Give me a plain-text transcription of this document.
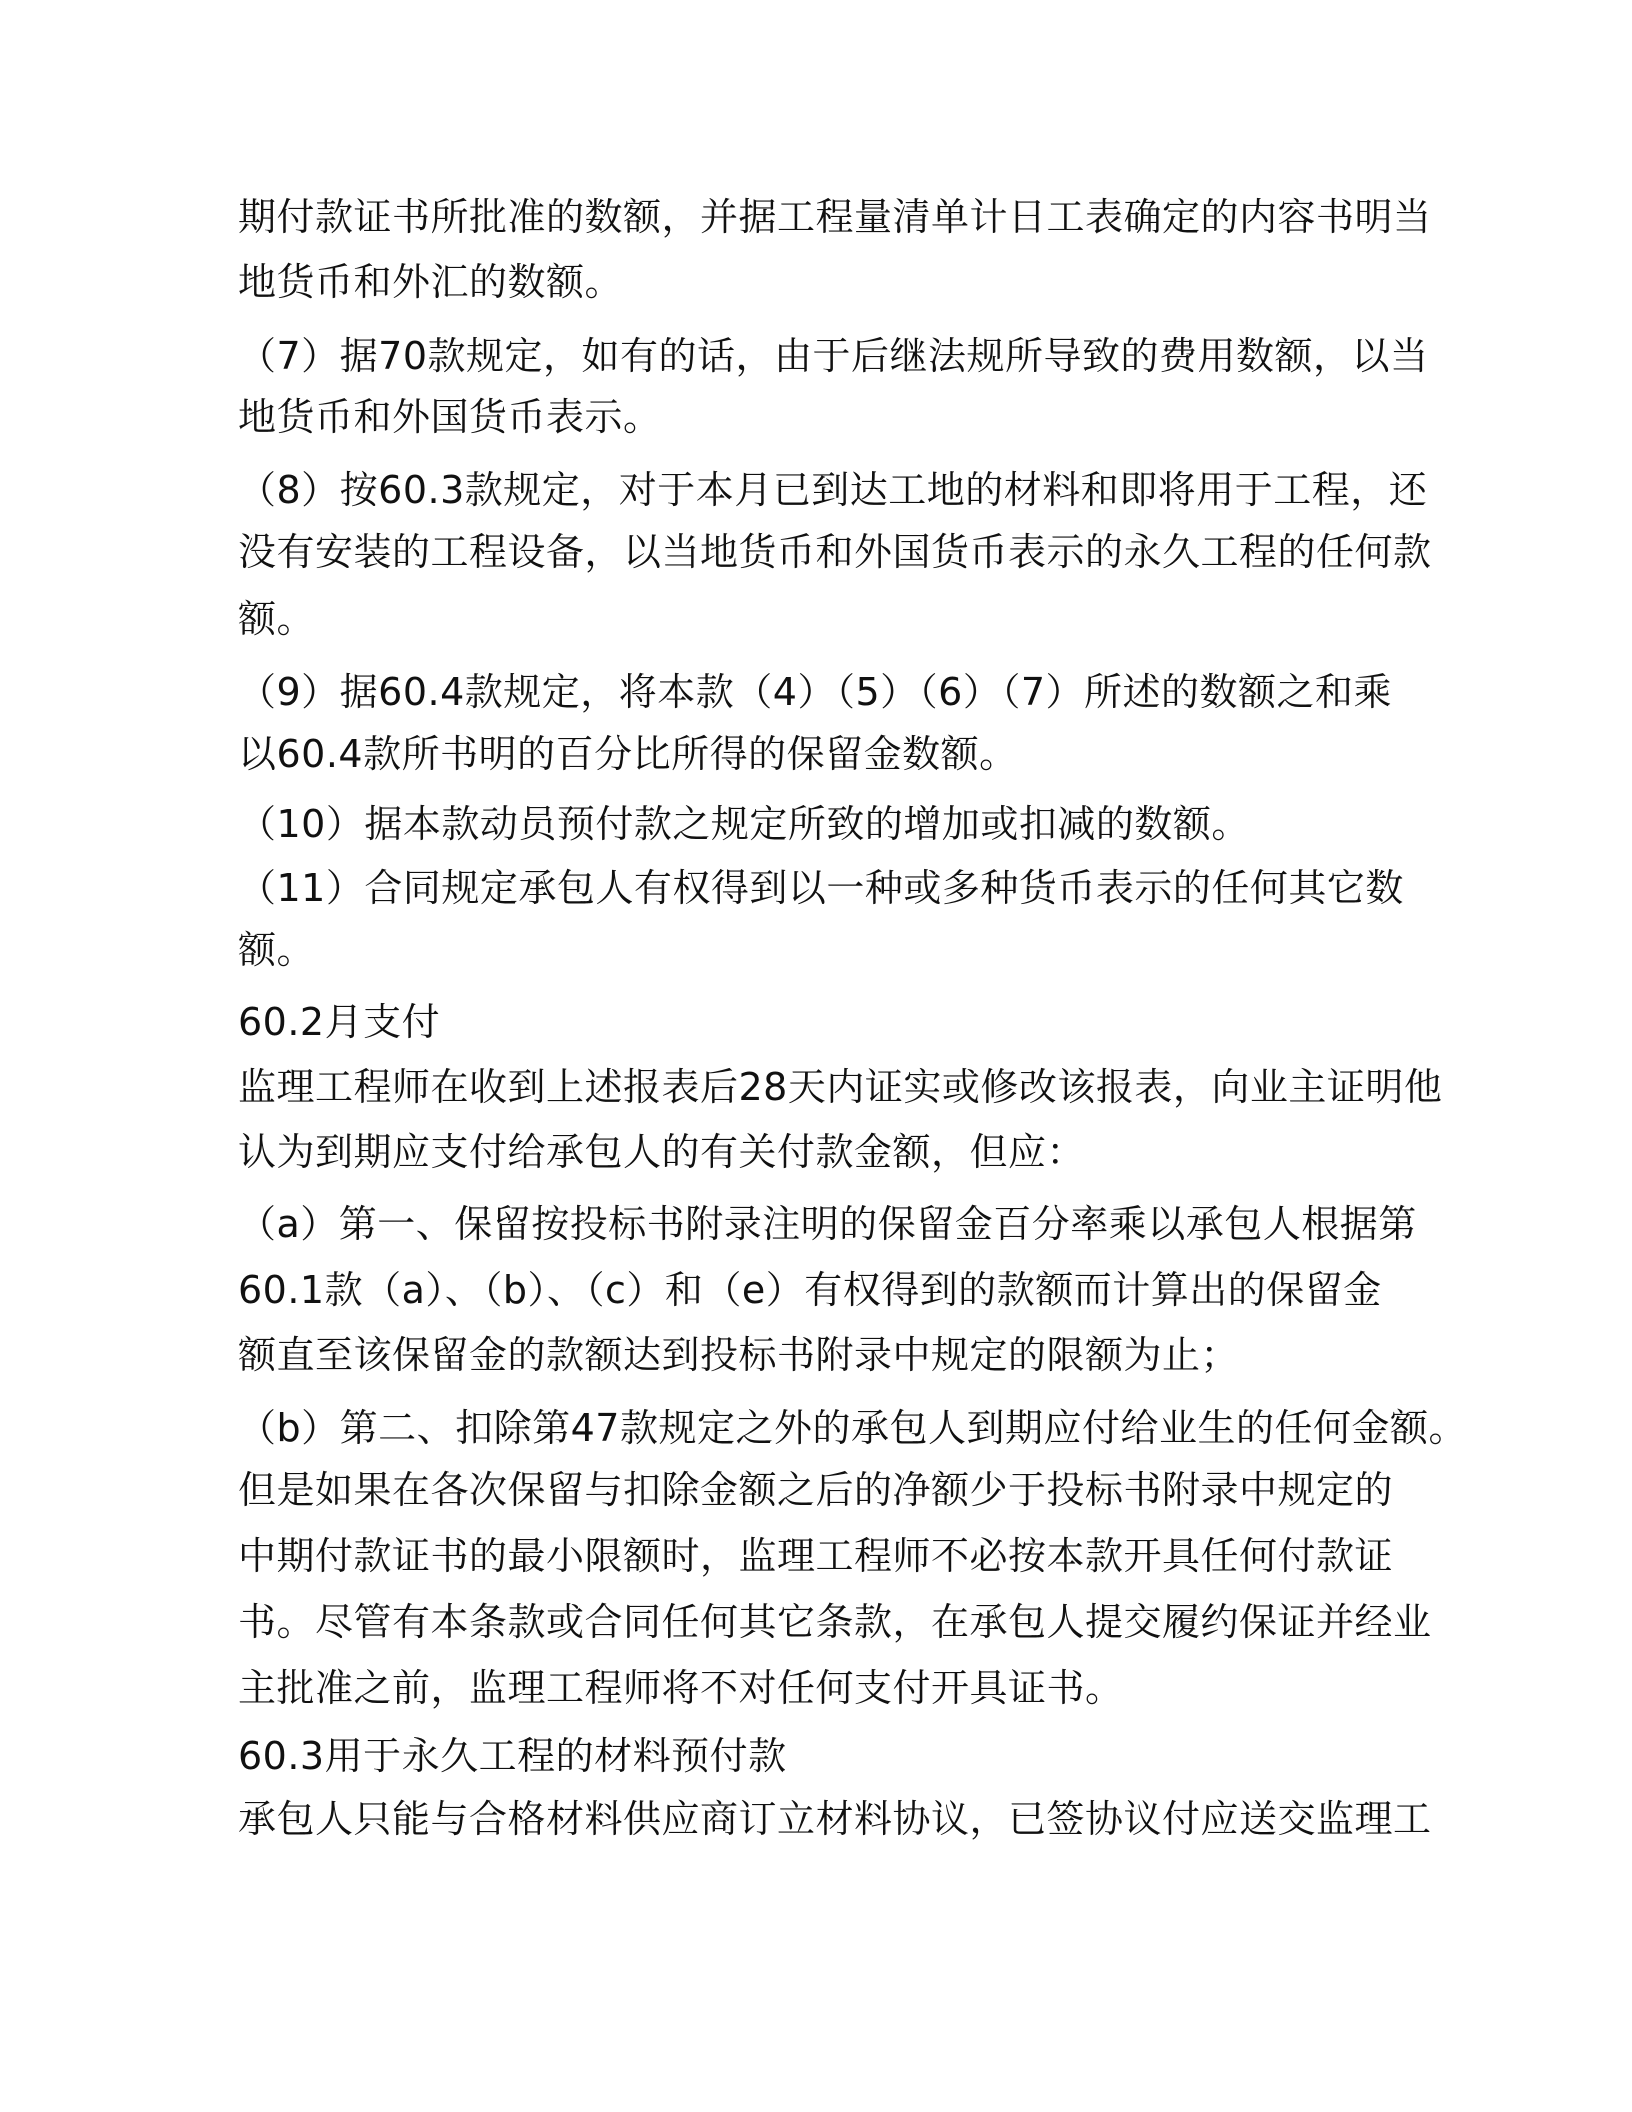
期付款证书所批准的数额，并据工程量清单计日工表确定的内容书明当
地货币和外汇的数额。
（7）据70款规定，如有的话，由于后继法规所导致的费用数额，以当
地货币和外国货币表示。
（8）按60.3款规定，对于本月已到达工地的材料和即将用于工程，还
没有安装的工程设备，以当地货币和外国货币表示的永久工程的任何款
额。
（9）据60.4款规定，将本款（4）（5）（6）（7）所述的数额之和乘
以60.4款所书明的百分比所得的保留金数额。
（10）据本款动员预付款之规定所致的增加或扣减的数额。
（11）合同规定承包人有权得到以一种或多种货币表示的任何其它数
额。
60.2月支付
监理工程师在收到上述报表后28天内证实或修改该报表，向业主证明他
认为到期应支付给承包人的有关付款金额，但应：
（a）第一、保留按投标书附录注明的保留金百分率乘以承包人根据第
60.1款（a）、（b）、（c）和（e）有权得到的款额而计算出的保留金
额直至该保留金的款额达到投标书附录中规定的限额为止；
（b）第二、扣除第47款规定之外的承包人到期应付给业生的任何金额。
但是如果在各次保留与扣除金额之后的净额少于投标书附录中规定的
中期付款证书的最小限额时，监理工程师不必按本款开具任何付款证
书。尽管有本条款或合同任何其它条款，在承包人提交履约保证并经业
主批准之前，监理工程师将不对任何支付开具证书。
60.3用于永久工程的材料预付款
承包人只能与合格材料供应商订立材料协议，已签协议付应送交监理工
